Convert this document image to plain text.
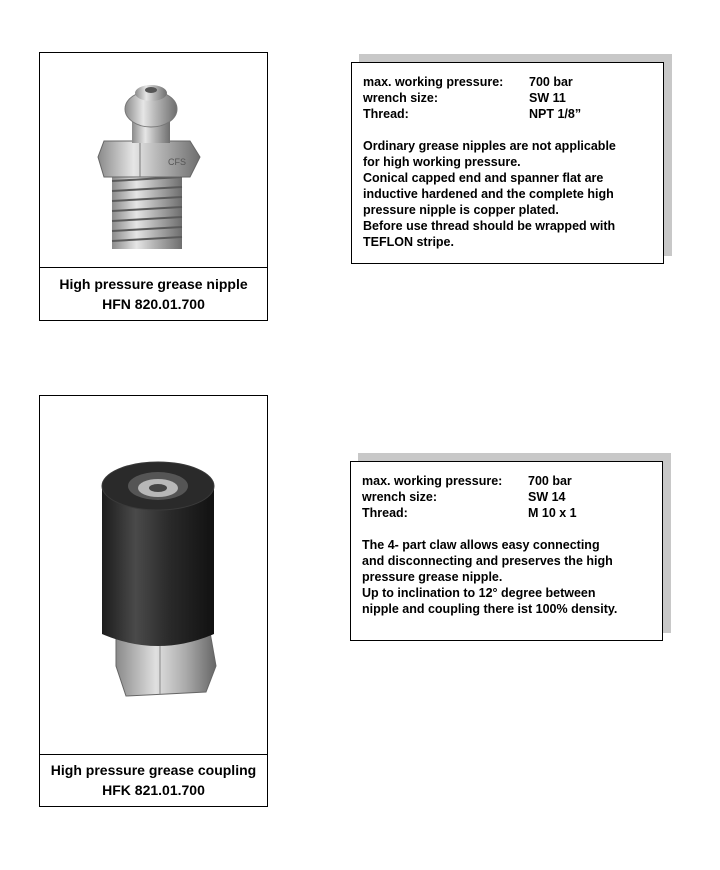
CFS
High pressure grease nipple
HFN 820.01.700
max. working pressure:	700 bar
wrench size:	SW 11
Thread:	NPT 1/8”
Ordinary grease nipples are not applicable
for high working pressure.
Conical capped end and spanner flat are
inductive hardened and the complete high
pressure nipple is copper plated.
Before use thread should be wrapped with
TEFLON stripe.
High pressure grease coupling
HFK 821.01.700
max. working pressure:	700 bar
wrench size:	SW 14
Thread:	M 10 x 1
The 4- part claw allows easy connecting
and disconnecting and preserves the high
pressure grease nipple.
Up to inclination to 12° degree between
nipple and coupling there ist 100% density.
